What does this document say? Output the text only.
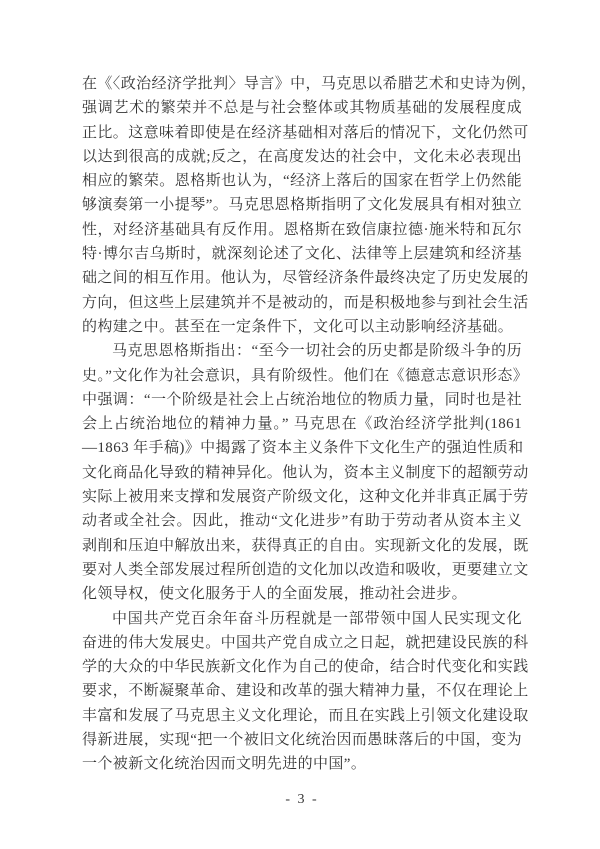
在《〈政治经济学批判〉导言》中，马克思以希腊艺术和史诗为例，
强调艺术的繁荣并不总是与社会整体或其物质基础的发展程度成
正比。这意味着即使是在经济基础相对落后的情况下，文化仍然可
以达到很高的成就;反之，在高度发达的社会中，文化未必表现出
相应的繁荣。恩格斯也认为，“经济上落后的国家在哲学上仍然能
够演奏第一小提琴”。马克思恩格斯指明了文化发展具有相对独立
性，对经济基础具有反作用。恩格斯在致信康拉德·施米特和瓦尔
特·博尔吉乌斯时，就深刻论述了文化、法律等上层建筑和经济基
础之间的相互作用。他认为，尽管经济条件最终决定了历史发展的
方向，但这些上层建筑并不是被动的，而是积极地参与到社会生活
的构建之中。甚至在一定条件下，文化可以主动影响经济基础。
马克思恩格斯指出：“至今一切社会的历史都是阶级斗争的历
史。”文化作为社会意识，具有阶级性。他们在《德意志意识形态》
中强调：“一个阶级是社会上占统治地位的物质力量，同时也是社
会上占统治地位的精神力量。” 马克思在《政治经济学批判(1861
—1863 年手稿)》中揭露了资本主义条件下文化生产的强迫性质和
文化商品化导致的精神异化。他认为，资本主义制度下的超额劳动
实际上被用来支撑和发展资产阶级文化，这种文化并非真正属于劳
动者或全社会。因此，推动“文化进步”有助于劳动者从资本主义
剥削和压迫中解放出来，获得真正的自由。实现新文化的发展，既
要对人类全部发展过程所创造的文化加以改造和吸收，更要建立文
化领导权，使文化服务于人的全面发展，推动社会进步。
中国共产党百余年奋斗历程就是一部带领中国人民实现文化
奋进的伟大发展史。中国共产党自成立之日起，就把建设民族的科
学的大众的中华民族新文化作为自己的使命，结合时代变化和实践
要求，不断凝聚革命、建设和改革的强大精神力量，不仅在理论上
丰富和发展了马克思主义文化理论，而且在实践上引领文化建设取
得新进展，实现“把一个被旧文化统治因而愚昧落后的中国，变为
一个被新文化统治因而文明先进的中国”。
- 3 -
